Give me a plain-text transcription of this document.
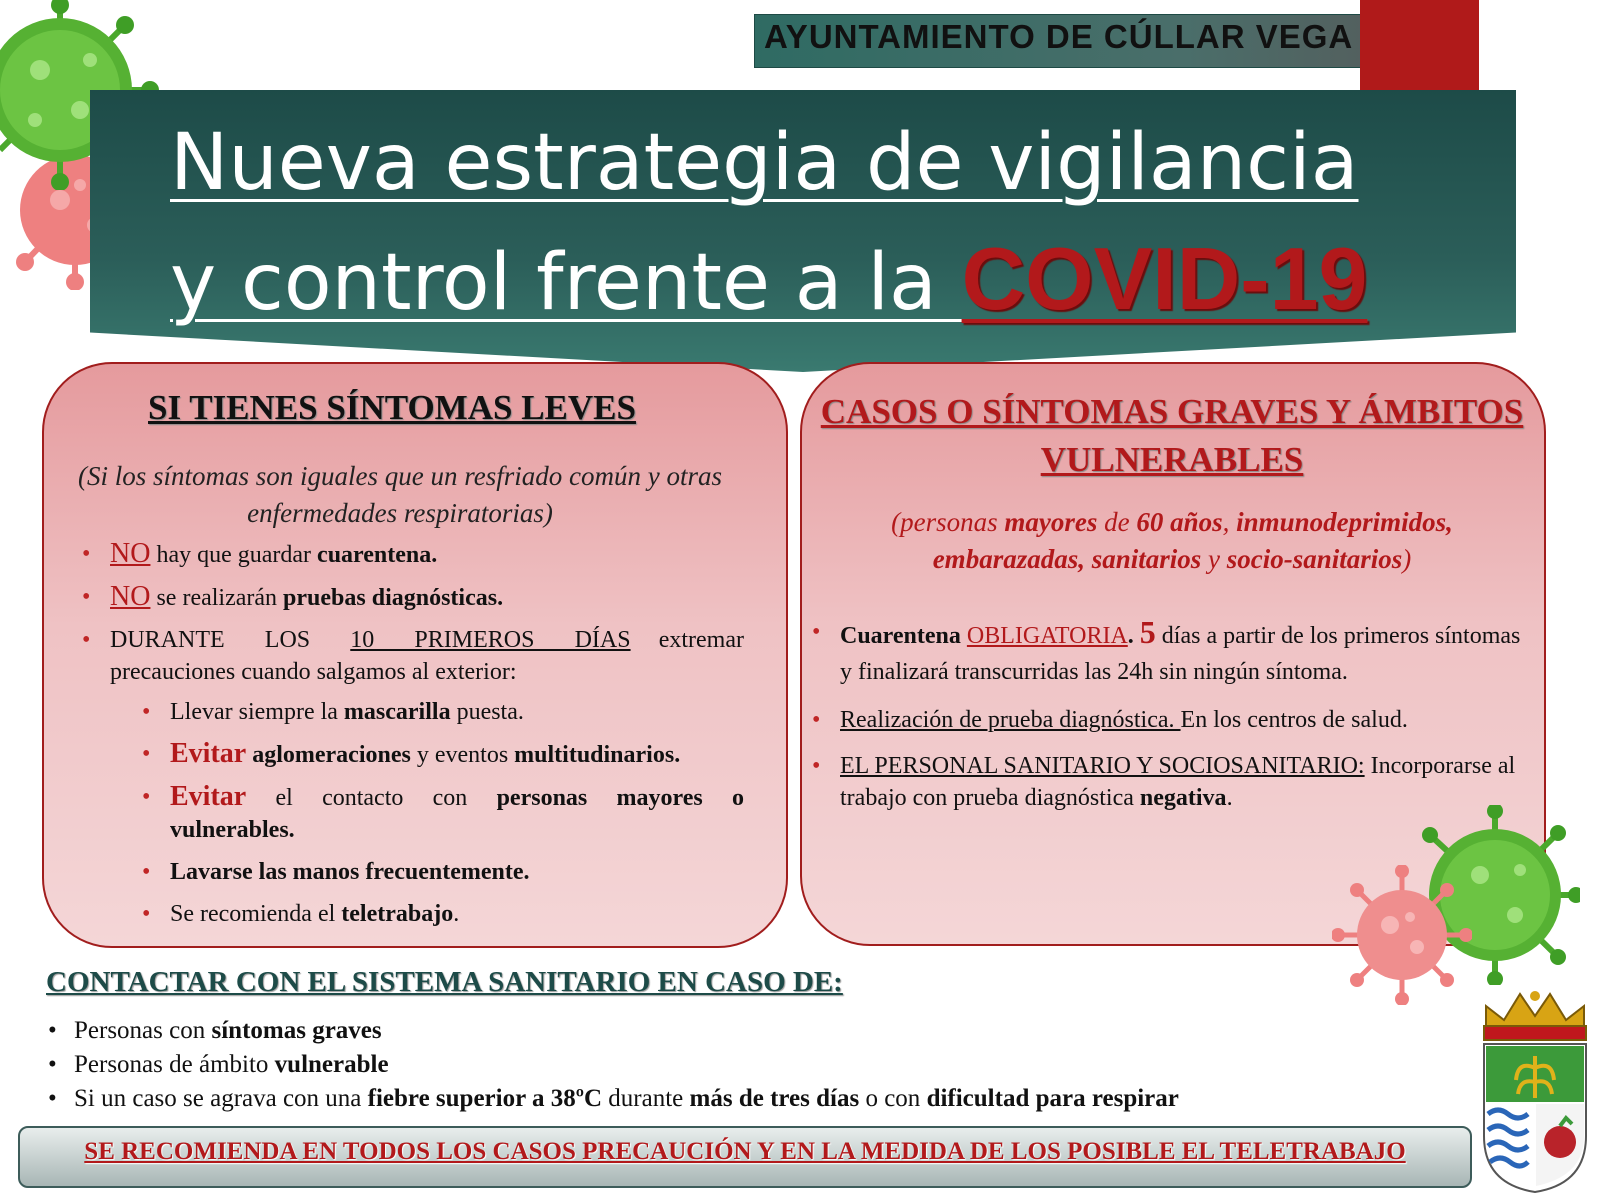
AYUNTAMIENTO DE CÚLLAR VEGA
Nueva estrategia de vigilancia
y control frente a la COVID-19
SI TIENES SÍNTOMAS LEVES
(Si los síntomas son iguales que un resfriado común y otras enfermedades respiratorias)
• NO hay que guardar cuarentena.
• NO se realizarán pruebas diagnósticas.
• DURANTE LOS 10 PRIMEROS DÍAS extremar precauciones cuando salgamos al exterior:
• Llevar siempre la mascarilla puesta.
• Evitar aglomeraciones y eventos multitudinarios.
• Evitar el contacto con personas mayores o vulnerables.
• Lavarse las manos frecuentemente.
• Se recomienda el teletrabajo.
CASOS O SÍNTOMAS GRAVES Y ÁMBITOS VULNERABLES
(personas mayores de 60 años, inmunodeprimidos, embarazadas, sanitarios y socio-sanitarios)
• Cuarentena OBLIGATORIA. 5 días a partir de los primeros síntomas y finalizará transcurridas las 24h sin ningún síntoma.
• Realización de prueba diagnóstica. En los centros de salud.
• EL PERSONAL SANITARIO Y SOCIOSANITARIO: Incorporarse al trabajo con prueba diagnóstica negativa.
CONTACTAR CON EL SISTEMA SANITARIO EN CASO DE:
• Personas con síntomas graves
• Personas de ámbito vulnerable
• Si un caso se agrava con una fiebre superior a 38ºC durante más de tres días o con dificultad para respirar
SE RECOMIENDA EN TODOS LOS CASOS PRECAUCIÓN Y EN LA MEDIDA DE LOS POSIBLE EL TELETRABAJO
